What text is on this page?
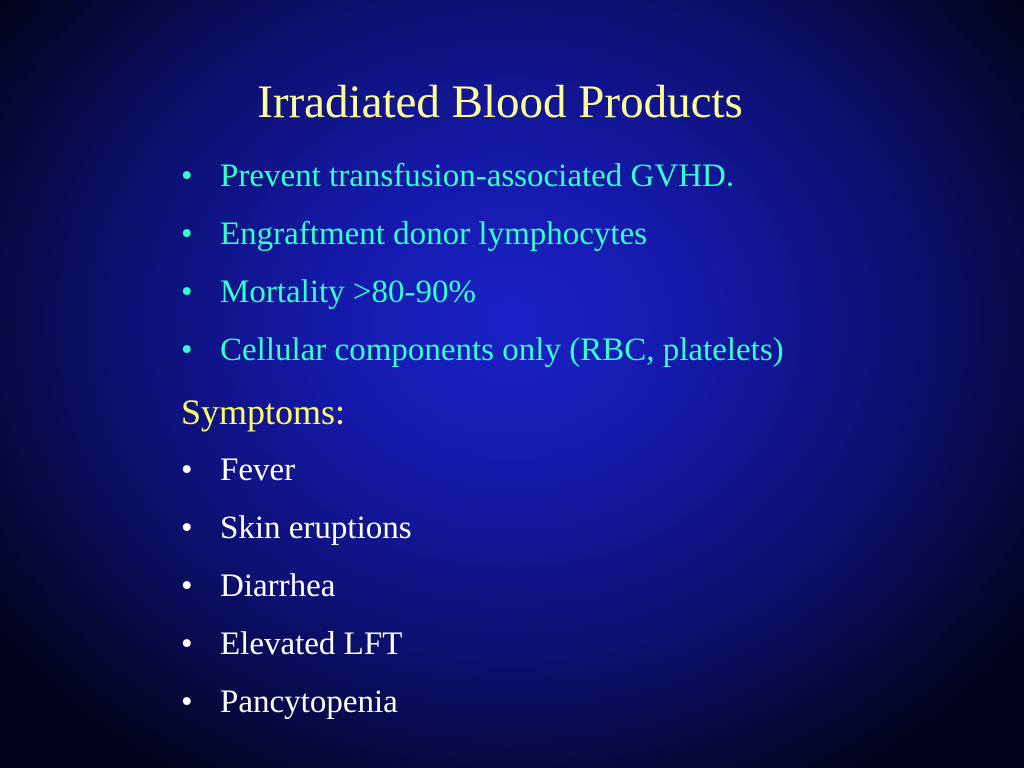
Irradiated Blood Products
• Prevent transfusion-associated GVHD.
• Engraftment donor lymphocytes
• Mortality >80-90%
• Cellular components only (RBC, platelets)
Symptoms:
• Fever
• Skin eruptions
• Diarrhea
• Elevated LFT
• Pancytopenia
